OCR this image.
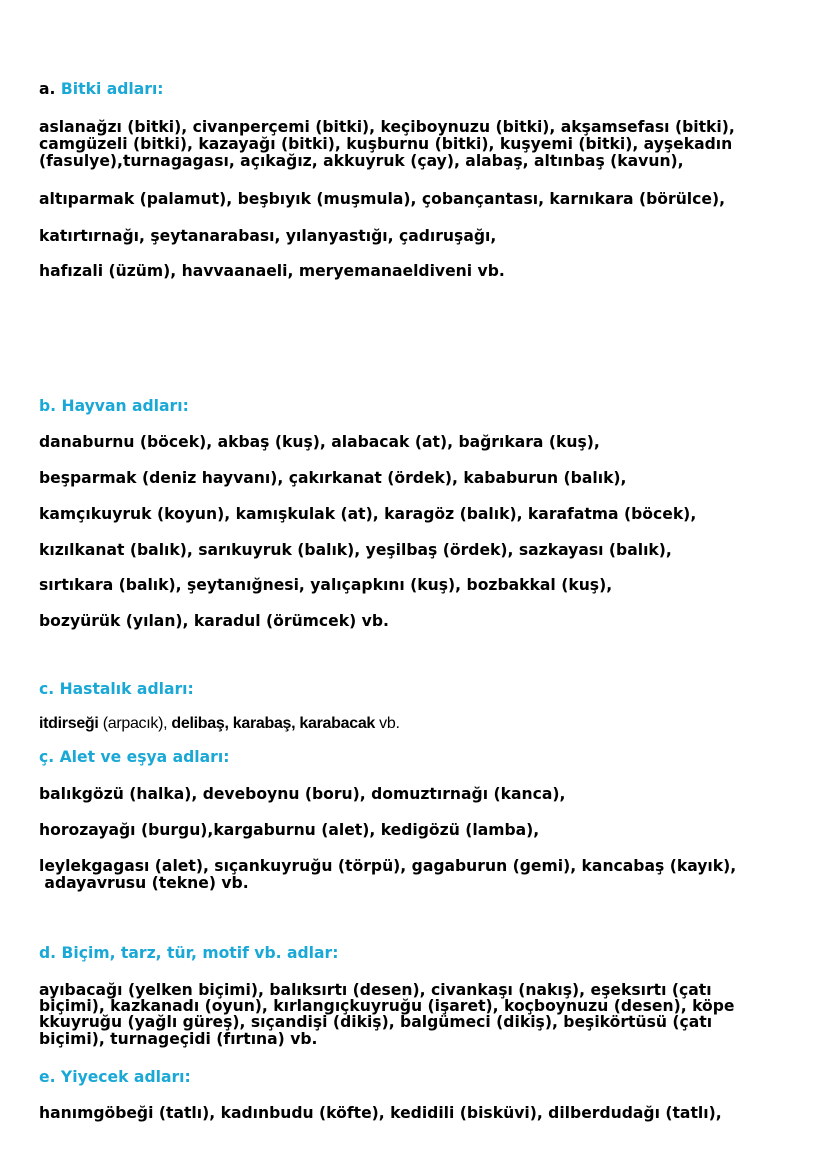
a. Bitki adları:

aslanağzı (bitki), civanperçemi (bitki), keçiboynuzu (bitki), akşamsefası (bitki),

camgüzeli (bitki), kazayağı (bitki), kuşburnu (bitki), kuşyemi (bitki), ayşekadın

(fasulye),turnagagası, açıkağız, akkuyruk (çay), alabaş, altınbaş (kavun),

altıparmak (palamut), beşbıyık (muşmula), çobançantası, karnıkara (börülce),

katırtırnağı, şeytanarabası, yılanyastığı, çadıruşağı,

hafızali (üzüm), havvaanaeli, meryemanaeldiveni vb.

b. Hayvan adları:

danaburnu (böcek), akbaş (kuş), alabacak (at), bağrıkara (kuş),

beşparmak (deniz hayvanı), çakırkanat (ördek), kababurun (balık),

kamçıkuyruk (koyun), kamışkulak (at), karagöz (balık), karafatma (böcek),

kızılkanat (balık), sarıkuyruk (balık), yeşilbaş (ördek), sazkayası (balık),

sırtıkara (balık), şeytanığnesi, yalıçapkını (kuş), bozbakkal (kuş),

bozyürük (yılan), karadul (örümcek) vb.

c. Hastalık adları:

itdirseği (arpacık), delibaş, karabaş, karabacak vb.

ç. Alet ve eşya adları:

balıkgözü (halka), deveboynu (boru), domuztırnağı (kanca),

horozayağı (burgu),kargaburnu (alet), kedigözü (lamba),

leylekgagası (alet), sıçankuyruğu (törpü), gagaburun (gemi), kancabaş (kayık),

adayavrusu (tekne) vb.

d. Biçim, tarz, tür, motif vb. adlar:

ayıbacağı (yelken biçimi), balıksırtı (desen), civankaşı (nakış), eşeksırtı (çatı

biçimi), kazkanadı (oyun), kırlangıçkuyruğu (işaret), koçboynuzu (desen), köpe

kkuyruğu (yağlı güreş), sıçandişi (dikiş), balgümeci (dikiş), beşikörtüsü (çatı

biçimi), turnageçidi (fırtına) vb.

e. Yiyecek adları:

hanımgöbeği (tatlı), kadınbudu (köfte), kedidili (bisküvi), dilberdudağı (tatlı),
